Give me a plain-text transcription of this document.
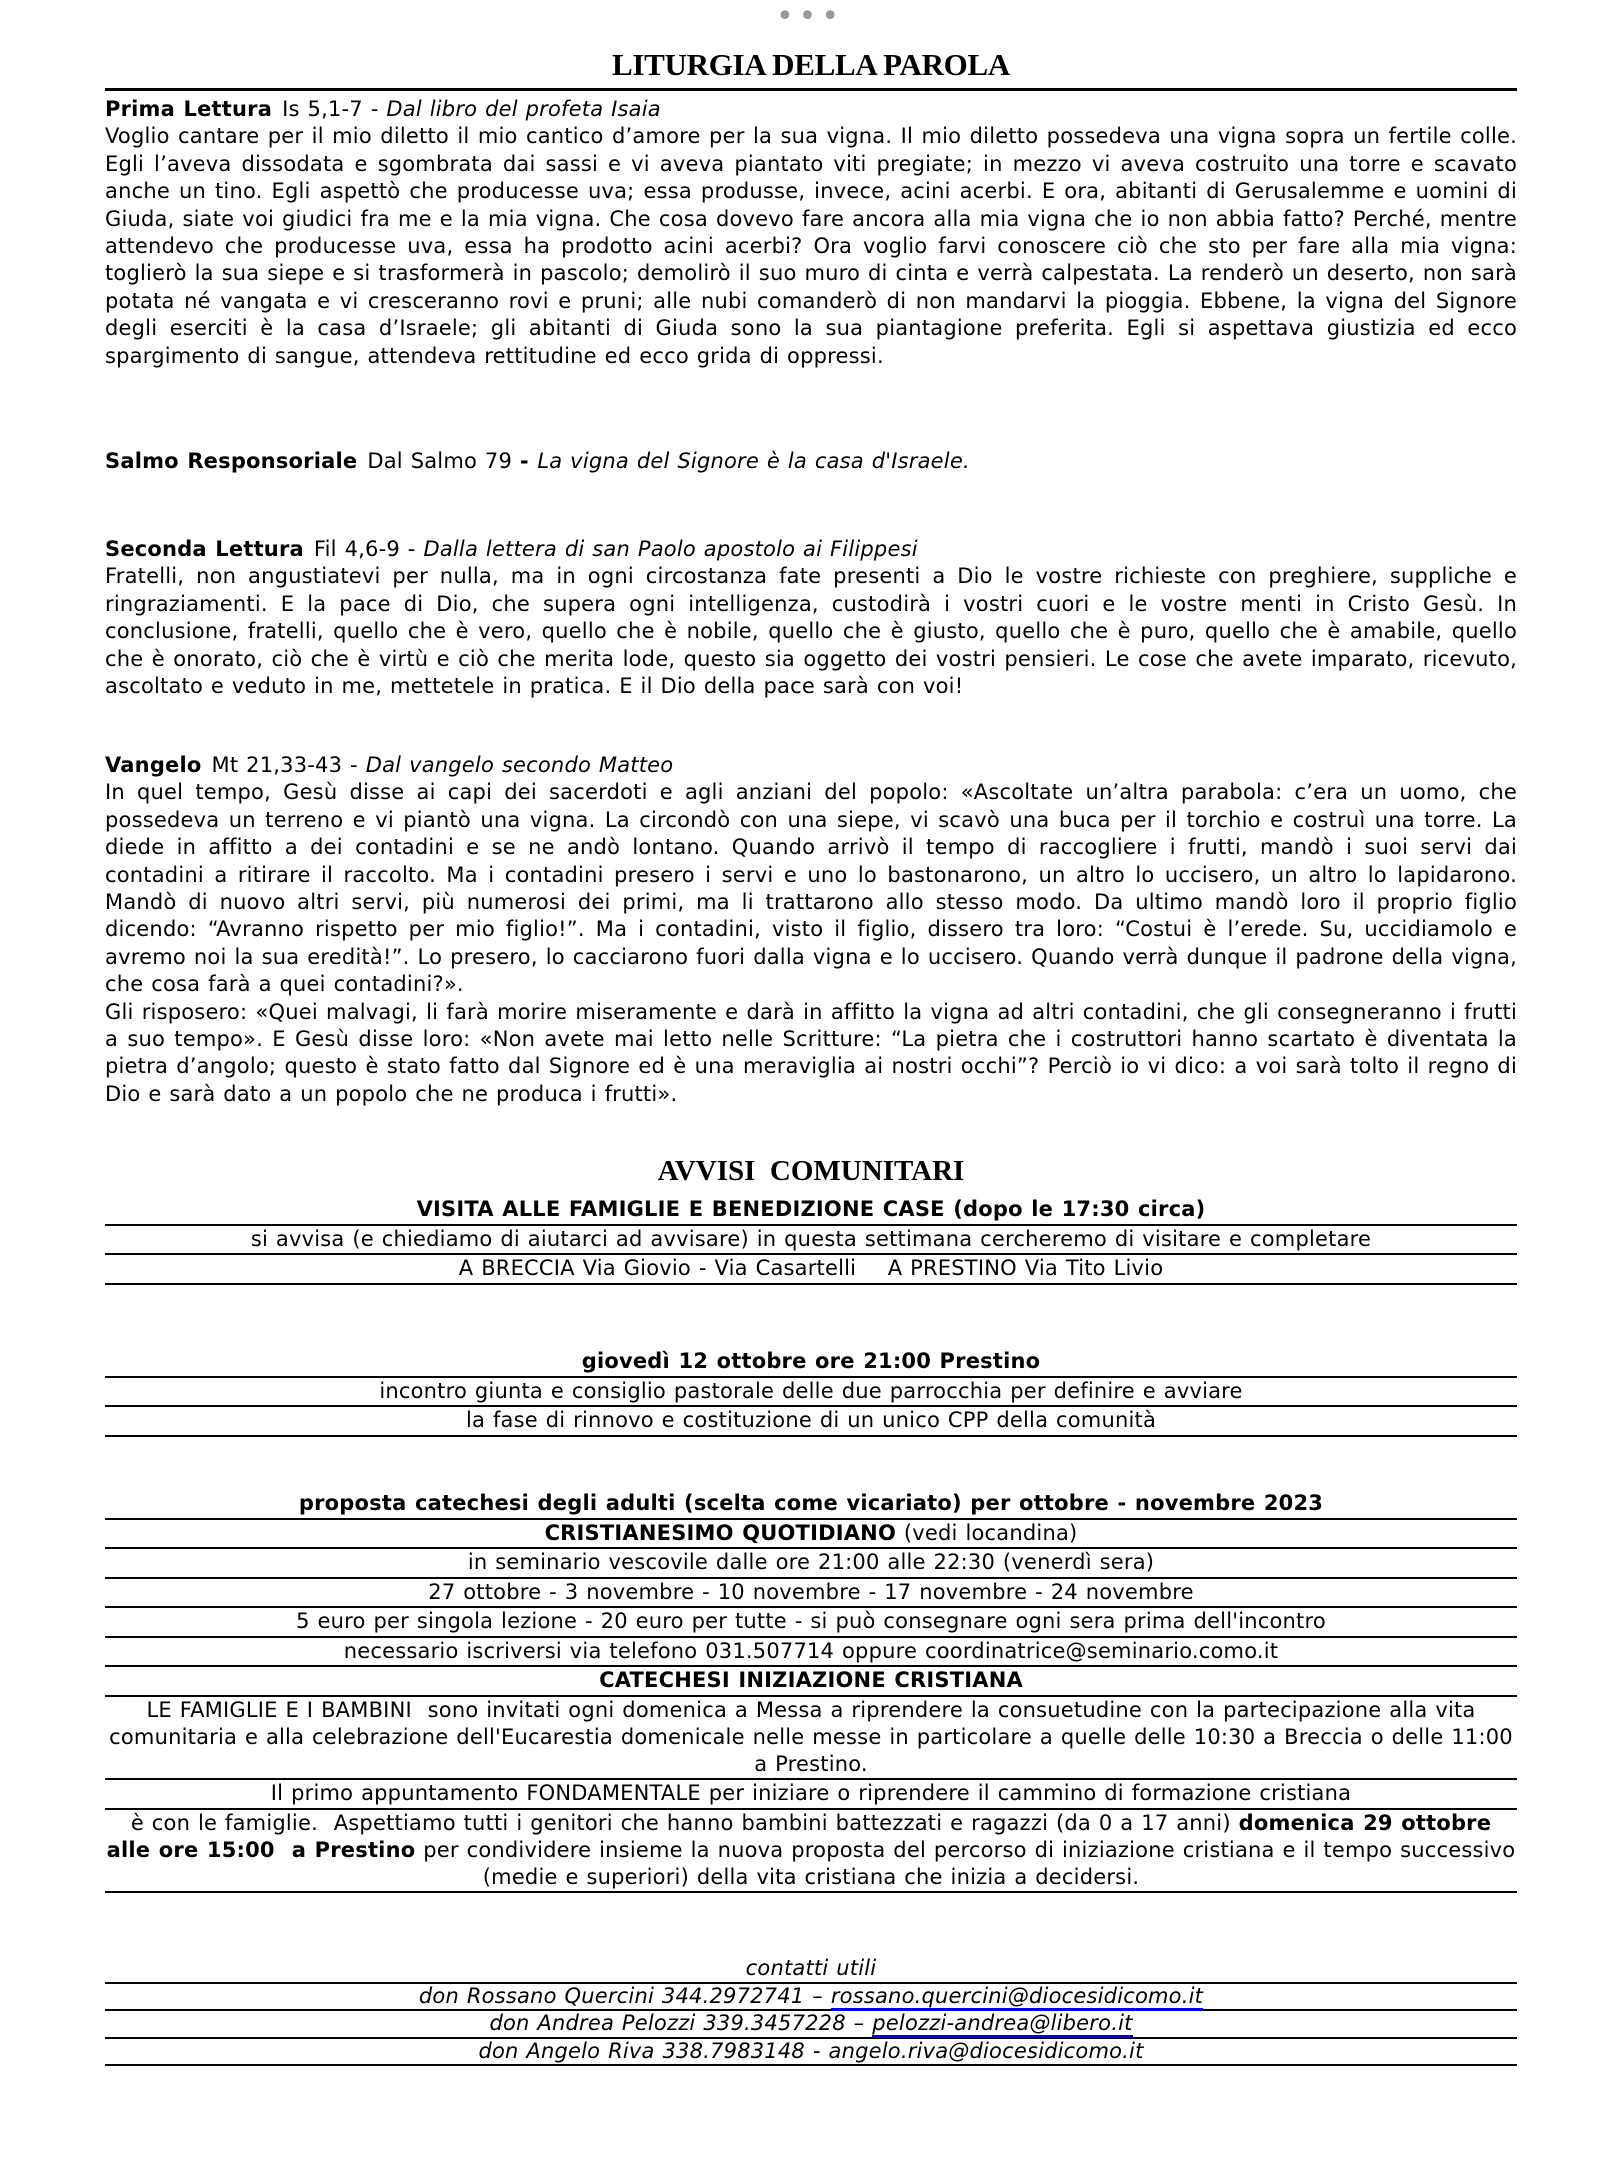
•••
LITURGIA DELLA PAROLA
Prima Lettura Is 5,1-7 - Dal libro del profeta Isaia

Voglio cantare per il mio diletto il mio cantico d’amore per la sua vigna. Il mio diletto possedeva una vigna sopra un fertile colle. Egli l’aveva dissodata e sgombrata dai sassi e vi aveva piantato viti pregiate; in mezzo vi aveva costruito una torre e scavato anche un tino. Egli aspettò che producesse uva; essa produsse, invece, acini acerbi. E ora, abitanti di Gerusalemme e uomini di Giuda, siate voi giudici fra me e la mia vigna. Che cosa dovevo fare ancora alla mia vigna che io non abbia fatto? Perché, mentre attendevo che producesse uva, essa ha prodotto acini acerbi? Ora voglio farvi conoscere ciò che sto per fare alla mia vigna: toglierò la sua siepe e si trasformerà in pascolo; demolirò il suo muro di cinta e verrà calpestata. La renderò un deserto, non sarà potata né vangata e vi cresceranno rovi e pruni; alle nubi comanderò di non mandarvi la pioggia. Ebbene, la vigna del Signore degli eserciti è la casa d’Israele; gli abitanti di Giuda sono la sua piantagione preferita. Egli si aspettava giustizia ed ecco spargimento di sangue, attendeva rettitudine ed ecco grida di oppressi.

Salmo Responsoriale Dal Salmo 79 - La vigna del Signore è la casa d'Israele.
Seconda Lettura Fil 4,6-9 - Dalla lettera di san Paolo apostolo ai Filippesi

Fratelli, non angustiatevi per nulla, ma in ogni circostanza fate presenti a Dio le vostre richieste con preghiere, suppliche e ringraziamenti. E la pace di Dio, che supera ogni intelligenza, custodirà i vostri cuori e le vostre menti in Cristo Gesù. In conclusione, fratelli, quello che è vero, quello che è nobile, quello che è giusto, quello che è puro, quello che è amabile, quello che è onorato, ciò che è virtù e ciò che merita lode, questo sia oggetto dei vostri pensieri. Le cose che avete imparato, ricevuto, ascoltato e veduto in me, mettetele in pratica. E il Dio della pace sarà con voi!

Vangelo Mt 21,33-43 - Dal vangelo secondo Matteo

In quel tempo, Gesù disse ai capi dei sacerdoti e agli anziani del popolo: «Ascoltate un’altra parabola: c’era un uomo, che possedeva un terreno e vi piantò una vigna. La circondò con una siepe, vi scavò una buca per il torchio e costruì una torre. La diede in affitto a dei contadini e se ne andò lontano. Quando arrivò il tempo di raccogliere i frutti, mandò i suoi servi dai contadini a ritirare il raccolto. Ma i contadini presero i servi e uno lo bastonarono, un altro lo uccisero, un altro lo lapidarono. Mandò di nuovo altri servi, più numerosi dei primi, ma li trattarono allo stesso modo. Da ultimo mandò loro il proprio figlio dicendo: “Avranno rispetto per mio figlio!”. Ma i contadini, visto il figlio, dissero tra loro: “Costui è l’erede. Su, uccidiamolo e avremo noi la sua eredità!”. Lo presero, lo cacciarono fuori dalla vigna e lo uccisero. Quando verrà dunque il padrone della vigna, che cosa farà a quei contadini?».

Gli risposero: «Quei malvagi, li farà morire miseramente e darà in affitto la vigna ad altri contadini, che gli consegneranno i frutti a suo tempo». E Gesù disse loro: «Non avete mai letto nelle Scritture: “La pietra che i costruttori hanno scartato è diventata la pietra d’angolo; questo è stato fatto dal Signore ed è una meraviglia ai nostri occhi”? Perciò io vi dico: a voi sarà tolto il regno di Dio e sarà dato a un popolo che ne produca i frutti».

AVVISI  COMUNITARI
VISITA ALLE FAMIGLIE E BENEDIZIONE CASE (dopo le 17:30 circa)
si avvisa (e chiediamo di aiutarci ad avvisare) in questa settimana cercheremo di visitare e completare
A BRECCIA Via Giovio - Via Casartelli    A PRESTINO Via Tito Livio
giovedì 12 ottobre ore 21:00 Prestino
incontro giunta e consiglio pastorale delle due parrocchia per definire e avviare
la fase di rinnovo e costituzione di un unico CPP della comunità
proposta catechesi degli adulti (scelta come vicariato) per ottobre - novembre 2023
CRISTIANESIMO QUOTIDIANO (vedi locandina)
in seminario vescovile dalle ore 21:00 alle 22:30 (venerdì sera)
27 ottobre - 3 novembre - 10 novembre - 17 novembre - 24 novembre
5 euro per singola lezione - 20 euro per tutte - si può consegnare ogni sera prima dell'incontro
necessario iscriversi via telefono 031.507714 oppure coordinatrice@seminario.como.it
CATECHESI INIZIAZIONE CRISTIANA
LE FAMIGLIE E I BAMBINI  sono invitati ogni domenica a Messa a riprendere la consuetudine con la partecipazione alla vita comunitaria e alla celebrazione dell'Eucarestia domenicale nelle messe in particolare a quelle delle 10:30 a Breccia o delle 11:00 a Prestino.
Il primo appuntamento FONDAMENTALE per iniziare o riprendere il cammino di formazione cristiana
è con le famiglie.  Aspettiamo tutti i genitori che hanno bambini battezzati e ragazzi (da 0 a 17 anni) domenica 29 ottobre alle ore 15:00  a Prestino per condividere insieme la nuova proposta del percorso di iniziazione cristiana e il tempo successivo (medie e superiori) della vita cristiana che inizia a decidersi.
contatti utili
don Rossano Quercini 344.2972741 – rossano.quercini@diocesidicomo.it
don Andrea Pelozzi 339.3457228 – pelozzi-andrea@libero.it
don Angelo Riva 338.7983148 - angelo.riva@diocesidicomo.it
